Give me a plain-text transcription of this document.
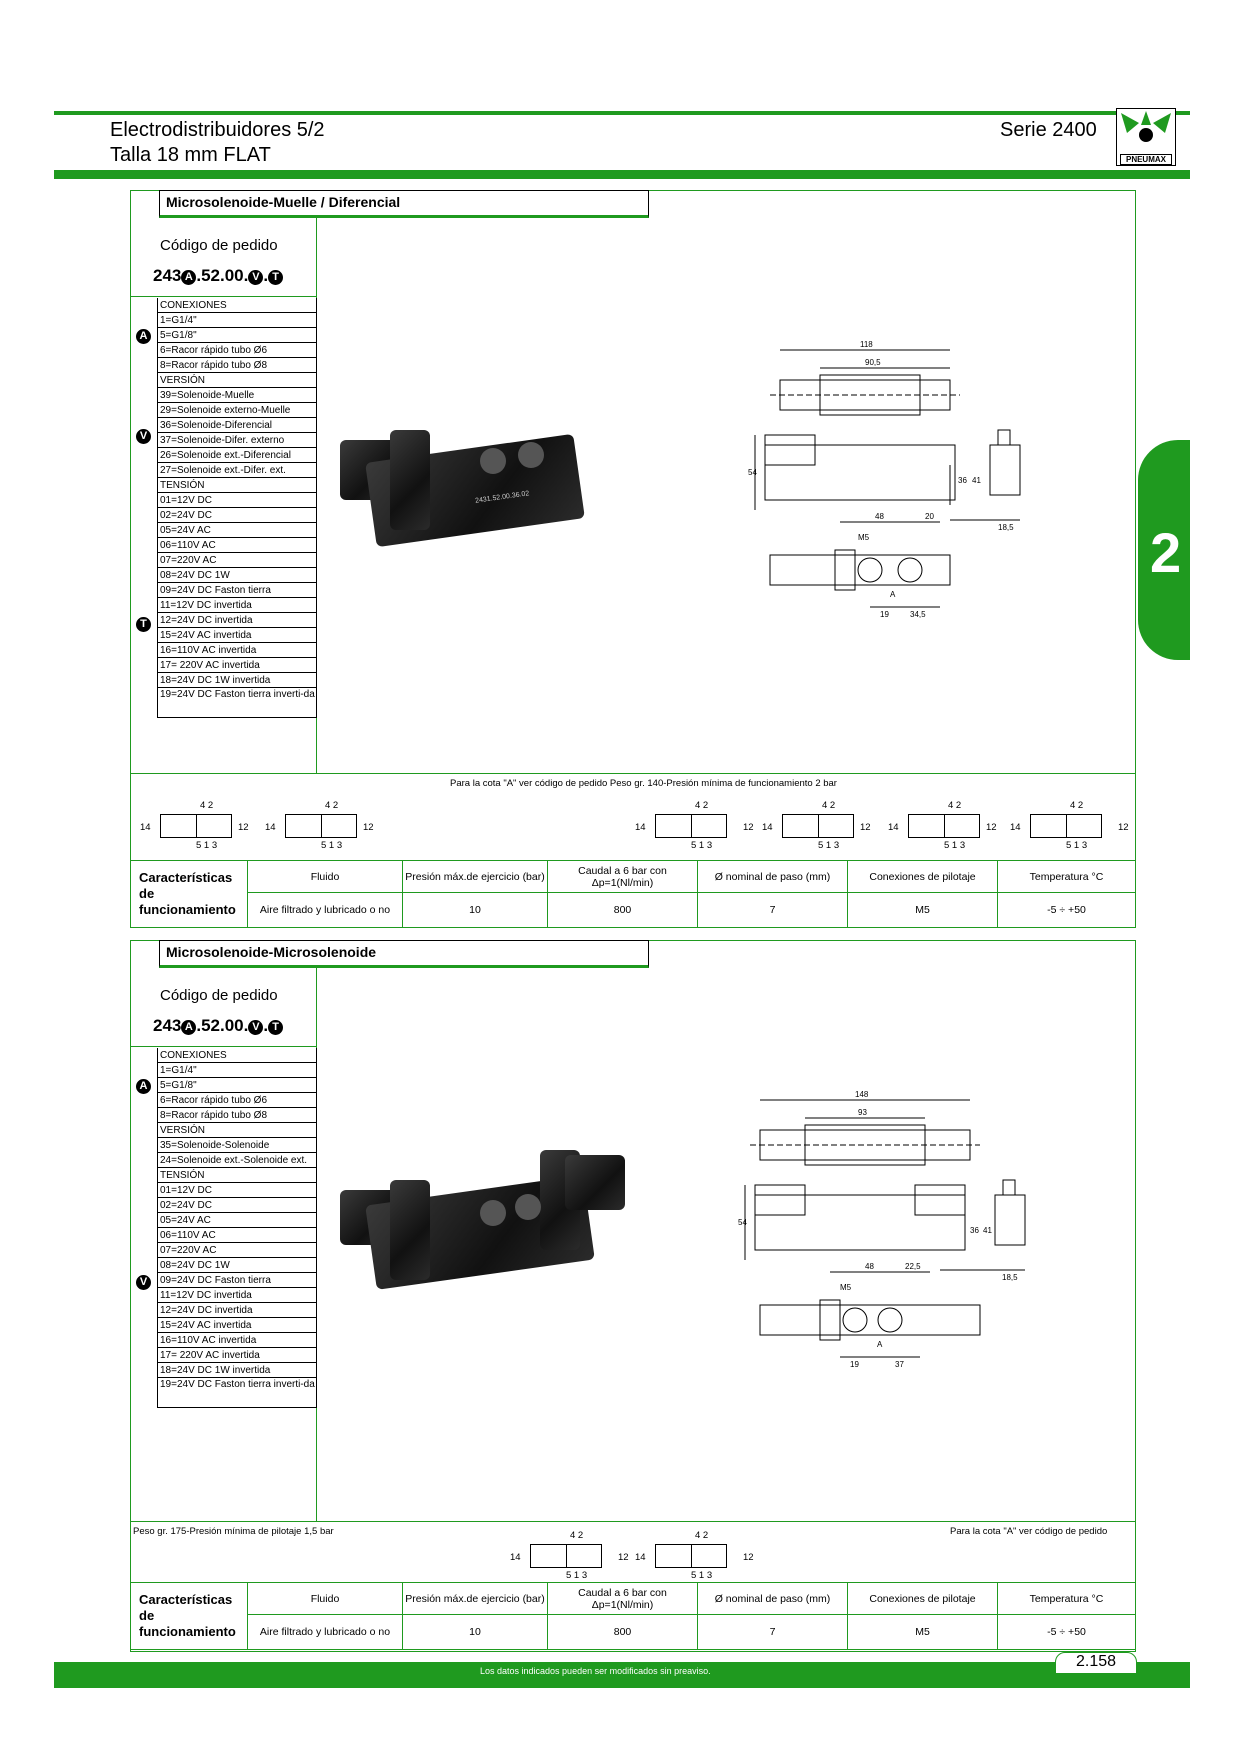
Electrodistribuidores 5/2
Talla 18 mm FLAT
Serie 2400
PNEUMAX
2
Microsolenoide-Muelle / Diferencial
Código de pedido
243 A .52.00. V . T
CONEXIONES
1=G1/4"
5=G1/8"
6=Racor rápido tubo Ø6
8=Racor rápido tubo Ø8
VERSIÓN
39=Solenoide-Muelle
29=Solenoide externo-Muelle
36=Solenoide-Diferencial
37=Solenoide-Difer. externo
26=Solenoide ext.-Diferencial
27=Solenoide ext.-Difer. ext.
TENSIÓN
01=12V DC
02=24V DC
05=24V AC
06=110V AC
07=220V AC
08=24V DC 1W
09=24V DC Faston tierra
11=12V DC invertida
12=24V DC invertida
15=24V AC invertida
16=110V AC invertida
17= 220V AC invertida
18=24V DC 1W invertida
19=24V DC Faston tierra inverti-da
A
V
T
2431.52.00.36.02
118
90,5
54
36 41
48	20
18,5
M5
A
19	34,5
Para la cota "A" ver código de pedido Peso gr. 140-Presión mínima de funcionamiento 2 bar
4 2
14	12
5 1 3
4 2
14	12
5 1 3
4 2
14	12
5 1 3
4 2
14	12
5 1 3
4 2
14	12
5 1 3
4 2
14	12
5 1 3
Características de funcionamiento	Fluido	Presión máx.de ejercicio (bar)	Caudal a 6 bar con Δp=1(Nl/min)	Ø nominal de paso (mm)	Conexiones de pilotaje	Temperatura °C
	Aire filtrado y lubricado o no	10	800	7	M5	-5 ÷ +50
Microsolenoide-Microsolenoide
Código de pedido
243 A .52.00. V . T
CONEXIONES
1=G1/4"
5=G1/8"
6=Racor rápido tubo Ø6
8=Racor rápido tubo Ø8
VERSIÓN
35=Solenoide-Solenoide
24=Solenoide ext.-Solenoide ext.
TENSIÓN
01=12V DC
02=24V DC
05=24V AC
06=110V AC
07=220V AC
08=24V DC 1W
09=24V DC Faston tierra
11=12V DC invertida
12=24V DC invertida
15=24V AC invertida
16=110V AC invertida
17= 220V AC invertida
18=24V DC 1W invertida
19=24V DC Faston tierra inverti-da
A
V
148
93
54
36 41
48	22,5
18,5
M5
A
19	37
Peso gr. 175-Presión mínima de pilotaje 1,5 bar	Para la cota "A" ver código de pedido
4 2
14	12
5 1 3
4 2
14	12
5 1 3
Características de funcionamiento	Fluido	Presión máx.de ejercicio (bar)	Caudal a 6 bar con Δp=1(Nl/min)	Ø nominal de paso (mm)	Conexiones de pilotaje	Temperatura °C
	Aire filtrado y lubricado o no	10	800	7	M5	-5 ÷ +50
Los datos indicados pueden ser modificados sin preaviso.
2.158
